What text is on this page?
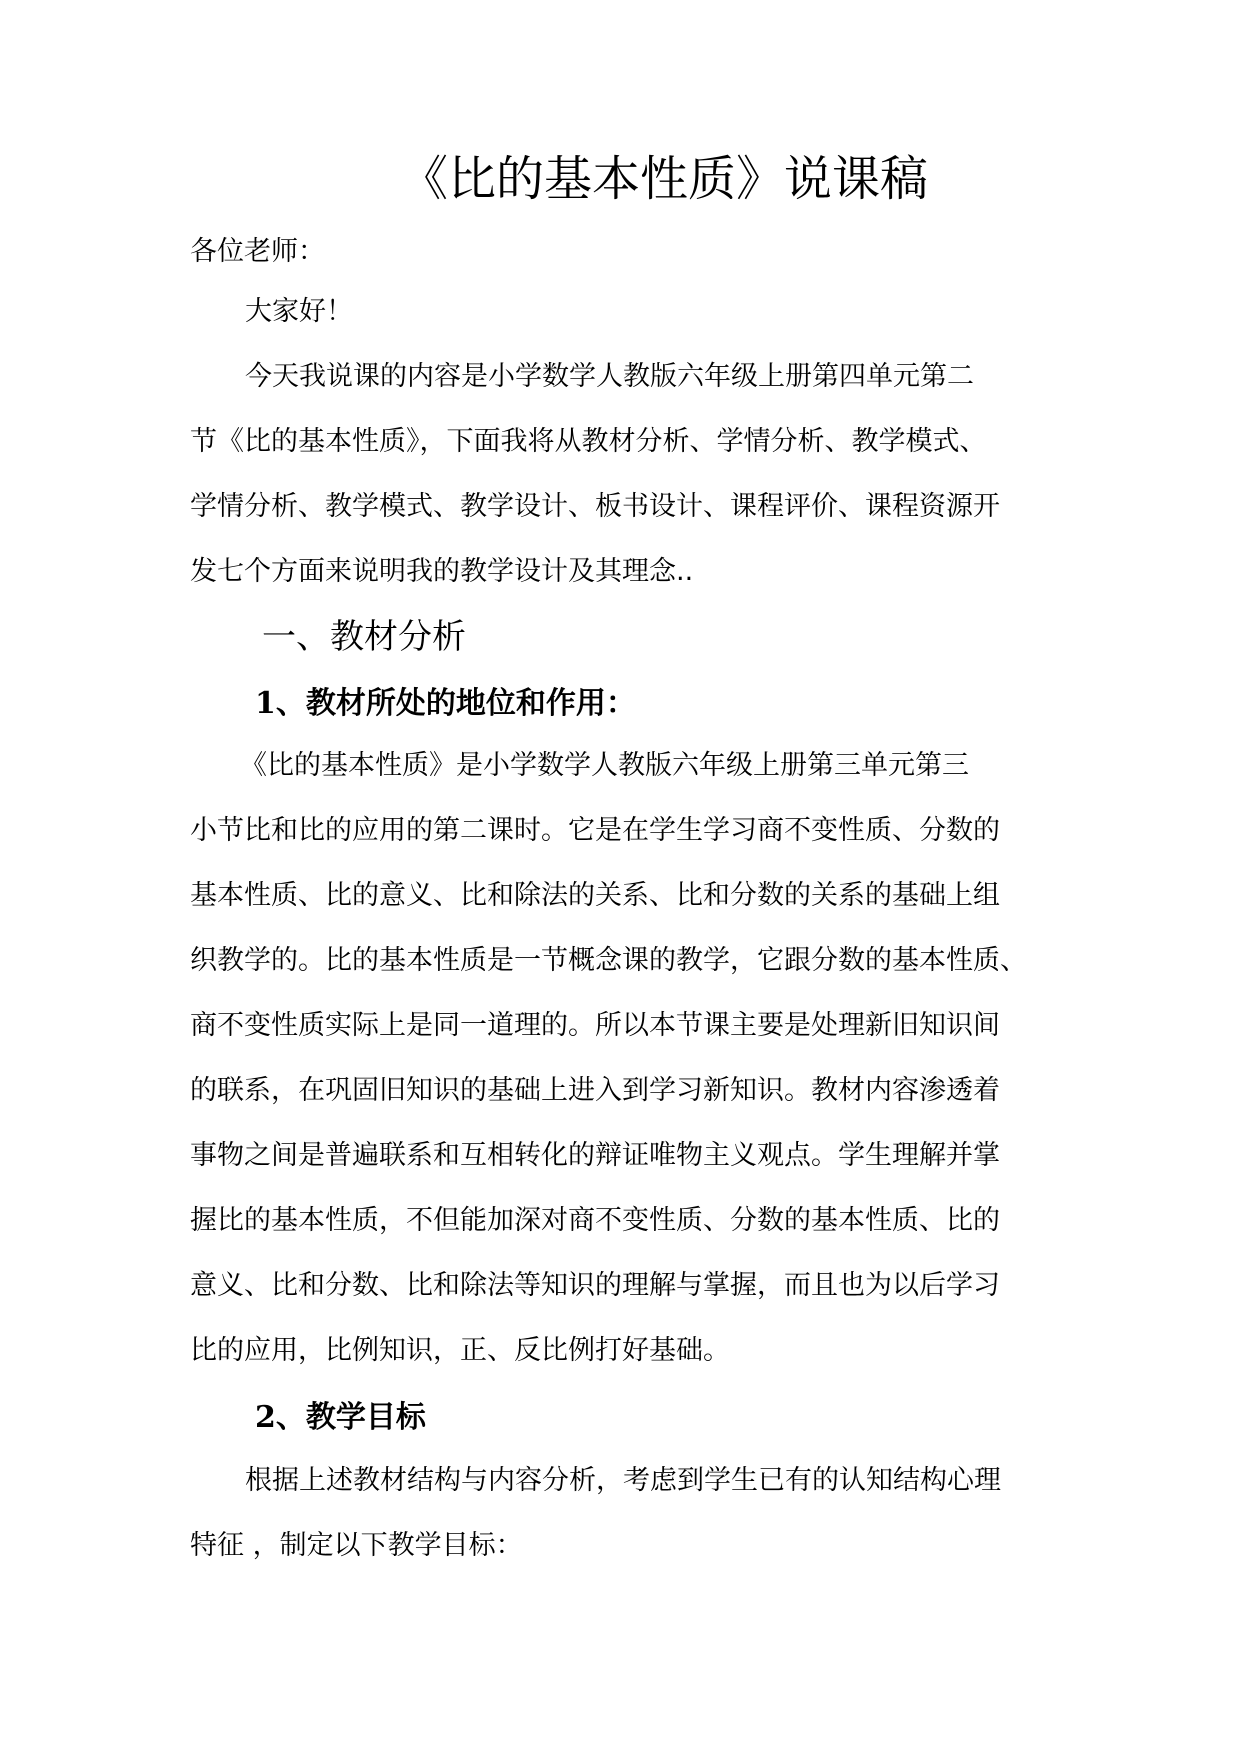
《比的基本性质》说课稿
各位老师：
大家好！
今天我说课的内容是小学数学人教版六年级上册第四单元第二
节《比的基本性质》，下面我将从教材分析、学情分析、教学模式、
学情分析、教学模式、教学设计、板书设计、课程评价、课程资源开
发七个方面来说明我的教学设计及其理念..
一、教材分析
1、教材所处的地位和作用：
《比的基本性质》是小学数学人教版六年级上册第三单元第三
小节比和比的应用的第二课时。它是在学生学习商不变性质、分数的
基本性质、比的意义、比和除法的关系、比和分数的关系的基础上组
织教学的。比的基本性质是一节概念课的教学，它跟分数的基本性质、
商不变性质实际上是同一道理的。所以本节课主要是处理新旧知识间
的联系，在巩固旧知识的基础上进入到学习新知识。教材内容渗透着
事物之间是普遍联系和互相转化的辩证唯物主义观点。学生理解并掌
握比的基本性质，不但能加深对商不变性质、分数的基本性质、比的
意义、比和分数、比和除法等知识的理解与掌握，而且也为以后学习
比的应用，比例知识，正、反比例打好基础。
2、教学目标
根据上述教材结构与内容分析，考虑到学生已有的认知结构心理
特征 ，制定以下教学目标：
